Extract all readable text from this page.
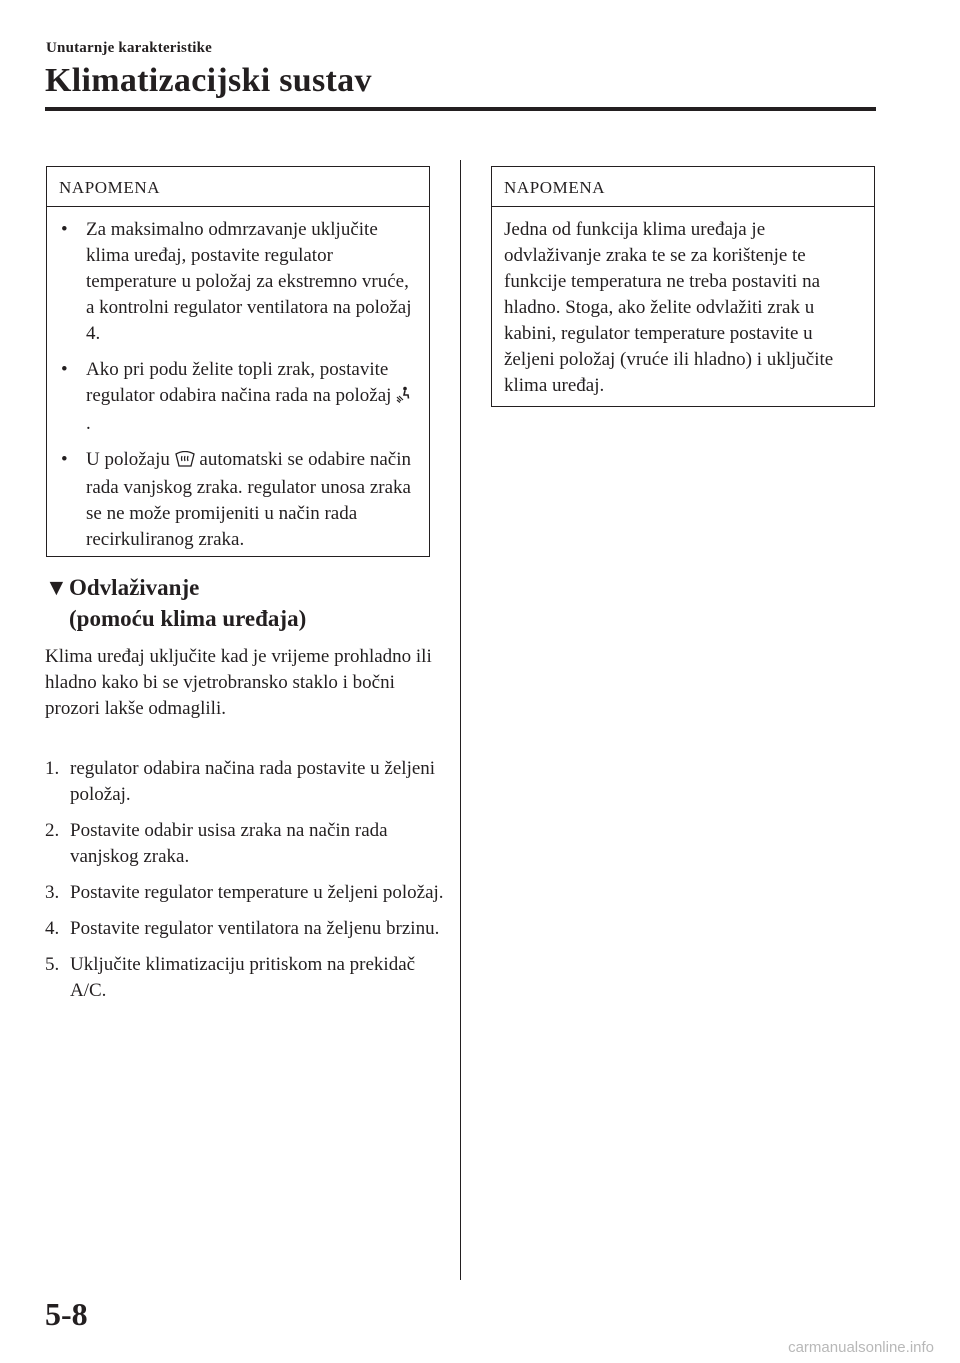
Unutarnje karakteristike
Klimatizacijski sustav
NAPOMENA
• Za maksimalno odmrzavanje uključite klima uređaj, postavite regulator temperature u položaj za ekstremno vruće, a kontrolni regulator ventilatora na položaj 4.
• Ako pri podu želite topli zrak, postavite regulator odabira načina rada na položaj .
• U položaju  automatski se odabire način rada vanjskog zraka. regulator unosa zraka se ne može promijeniti u način rada recirkuliranog zraka.
▼Odvlaživanje
(pomoću klima uređaja)

Klima uređaj uključite kad je vrijeme prohladno ili hladno kako bi se vjetrobransko staklo i bočni prozori lakše odmaglili.

1. regulator odabira načina rada postavite u željeni položaj.
2. Postavite odabir usisa zraka na način rada vanjskog zraka.
3. Postavite regulator temperature u željeni položaj.
4. Postavite regulator ventilatora na željenu brzinu.
5. Uključite klimatizaciju pritiskom na prekidač A/C.
NAPOMENA
Jedna od funkcija klima uređaja je odvlaživanje zraka te se za korištenje te funkcije temperatura ne treba postaviti na hladno. Stoga, ako želite odvlažiti zrak u kabini, regulator temperature postavite u željeni položaj (vruće ili hladno) i uključite klima uređaj.
5-8
carmanualsonline.info
